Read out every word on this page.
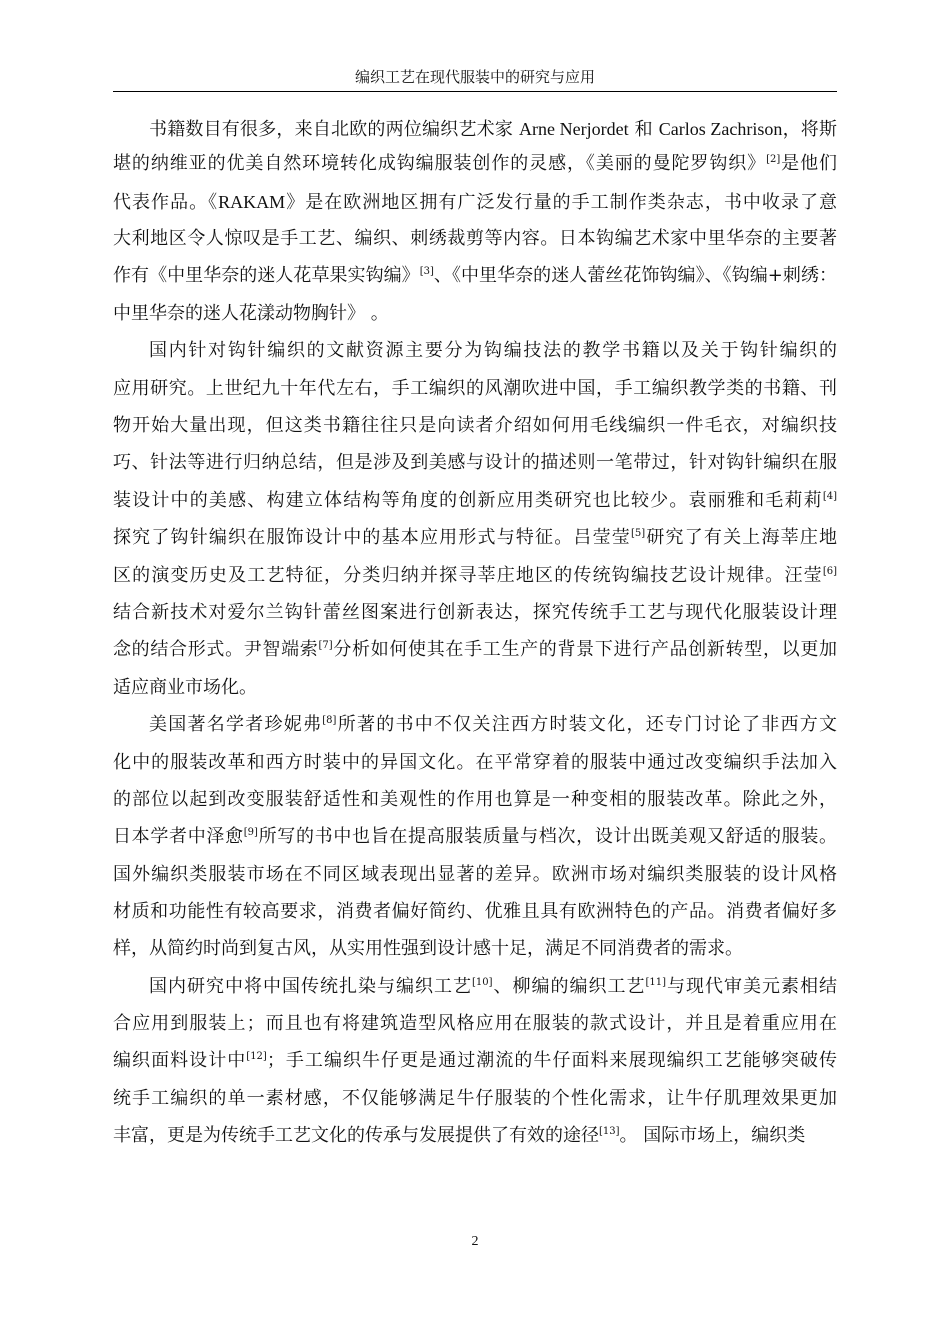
编织工艺在现代服装中的研究与应用
书籍数目有很多，来自北欧的两位编织艺术家 Arne Nerjordet 和 Carlos Zachrison，将斯
堪的纳维亚的优美自然环境转化成钩编服装创作的灵感，《美丽的曼陀罗钩织》[2]是他们
代表作品。《RAKAM》是在欧洲地区拥有广泛发行量的手工制作类杂志，书中收录了意
大利地区令人惊叹是手工艺、编织、刺绣裁剪等内容。日本钩编艺术家中里华奈的主要著
作有《中里华奈的迷人花草果实钩编》[3]、《中里华奈的迷人蕾丝花饰钩编》、《钩编+刺绣：
中里华奈的迷人花漾动物胸针》 。
国内针对钩针编织的文献资源主要分为钩编技法的教学书籍以及关于钩针编织的
应用研究。上世纪九十年代左右，手工编织的风潮吹进中国，手工编织教学类的书籍、刊
物开始大量出现，但这类书籍往往只是向读者介绍如何用毛线编织一件毛衣，对编织技
巧、针法等进行归纳总结，但是涉及到美感与设计的描述则一笔带过，针对钩针编织在服
装设计中的美感、构建立体结构等角度的创新应用类研究也比较少。袁丽雅和毛莉莉[4]
探究了钩针编织在服饰设计中的基本应用形式与特征。吕莹莹[5]研究了有关上海莘庄地
区的演变历史及工艺特征，分类归纳并探寻莘庄地区的传统钩编技艺设计规律。汪莹[6]
结合新技术对爱尔兰钩针蕾丝图案进行创新表达，探究传统手工艺与现代化服装设计理
念的结合形式。尹智端索[7]分析如何使其在手工生产的背景下进行产品创新转型，以更加
适应商业市场化。
美国著名学者珍妮弗[8]所著的书中不仅关注西方时装文化，还专门讨论了非西方文
化中的服装改革和西方时装中的异国文化。在平常穿着的服装中通过改变编织手法加入
的部位以起到改变服装舒适性和美观性的作用也算是一种变相的服装改革。除此之外，
日本学者中泽愈[9]所写的书中也旨在提高服装质量与档次，设计出既美观又舒适的服装。
国外编织类服装市场在不同区域表现出显著的差异。欧洲市场对编织类服装的设计风格
材质和功能性有较高要求，消费者偏好简约、优雅且具有欧洲特色的产品。消费者偏好多
样，从简约时尚到复古风，从实用性强到设计感十足，满足不同消费者的需求。
国内研究中将中国传统扎染与编织工艺[10]、柳编的编织工艺[11]与现代审美元素相结
合应用到服装上；而且也有将建筑造型风格应用在服装的款式设计，并且是着重应用在
编织面料设计中[12]；手工编织牛仔更是通过潮流的牛仔面料来展现编织工艺能够突破传
统手工编织的单一素材感，不仅能够满足牛仔服装的个性化需求，让牛仔肌理效果更加
丰富，更是为传统手工艺文化的传承与发展提供了有效的途径[13]。 国际市场上，编织类
2
